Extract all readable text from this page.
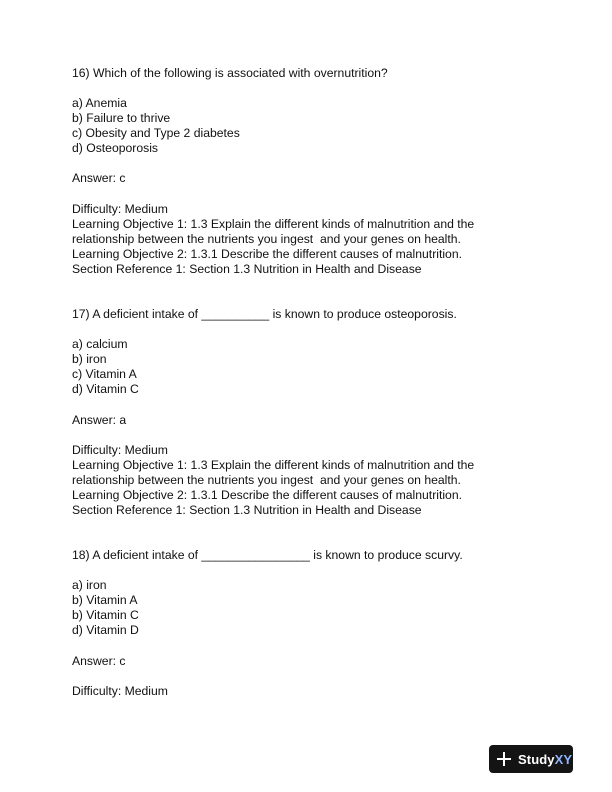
16) Which of the following is associated with overnutrition?

a) Anemia

b) Failure to thrive

c) Obesity and Type 2 diabetes

d) Osteoporosis

Answer: c

Difficulty: Medium

Learning Objective 1: 1.3 Explain the different kinds of malnutrition and the

relationship between the nutrients you ingest  and your genes on health.

Learning Objective 2: 1.3.1 Describe the different causes of malnutrition.

Section Reference 1: Section 1.3 Nutrition in Health and Disease

17) A deficient intake of __________ is known to produce osteoporosis.

a) calcium

b) iron

c) Vitamin A

d) Vitamin C

Answer: a

Difficulty: Medium

Learning Objective 1: 1.3 Explain the different kinds of malnutrition and the

relationship between the nutrients you ingest  and your genes on health.

Learning Objective 2: 1.3.1 Describe the different causes of malnutrition.

Section Reference 1: Section 1.3 Nutrition in Health and Disease

18) A deficient intake of ________________ is known to produce scurvy.

a) iron

b) Vitamin A

b) Vitamin C

d) Vitamin D

Answer: c

Difficulty: Medium

StudyXY
